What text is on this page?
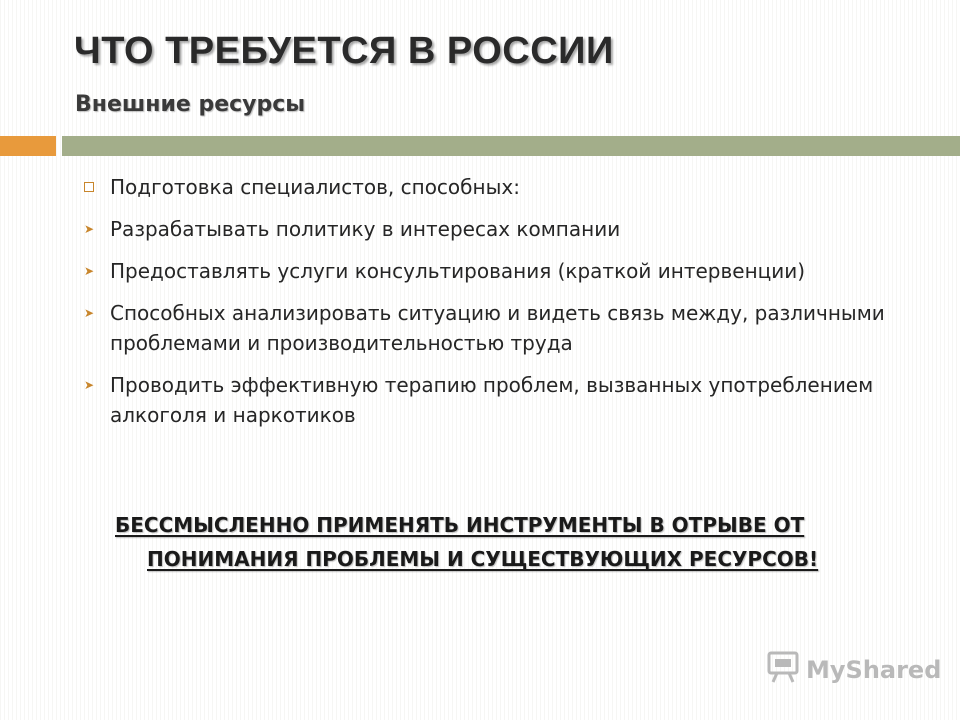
ЧТО ТРЕБУЕТСЯ В РОССИИ
Внешние ресурсы
Подготовка специалистов, способных:
➤ Разрабатывать политику в интересах компании
➤ Предоставлять услуги консультирования (краткой интервенции)
➤ Способных анализировать ситуацию и видеть связь между, различными проблемами и производительностью труда
➤ Проводить эффективную терапию проблем, вызванных употреблением алкоголя и наркотиков

БЕССМЫСЛЕННО ПРИМЕНЯТЬ ИНСТРУМЕНТЫ В ОТРЫВЕ ОТ
ПОНИМАНИЯ ПРОБЛЕМЫ И СУЩЕСТВУЮЩИХ РЕСУРСОВ!

MyShared
